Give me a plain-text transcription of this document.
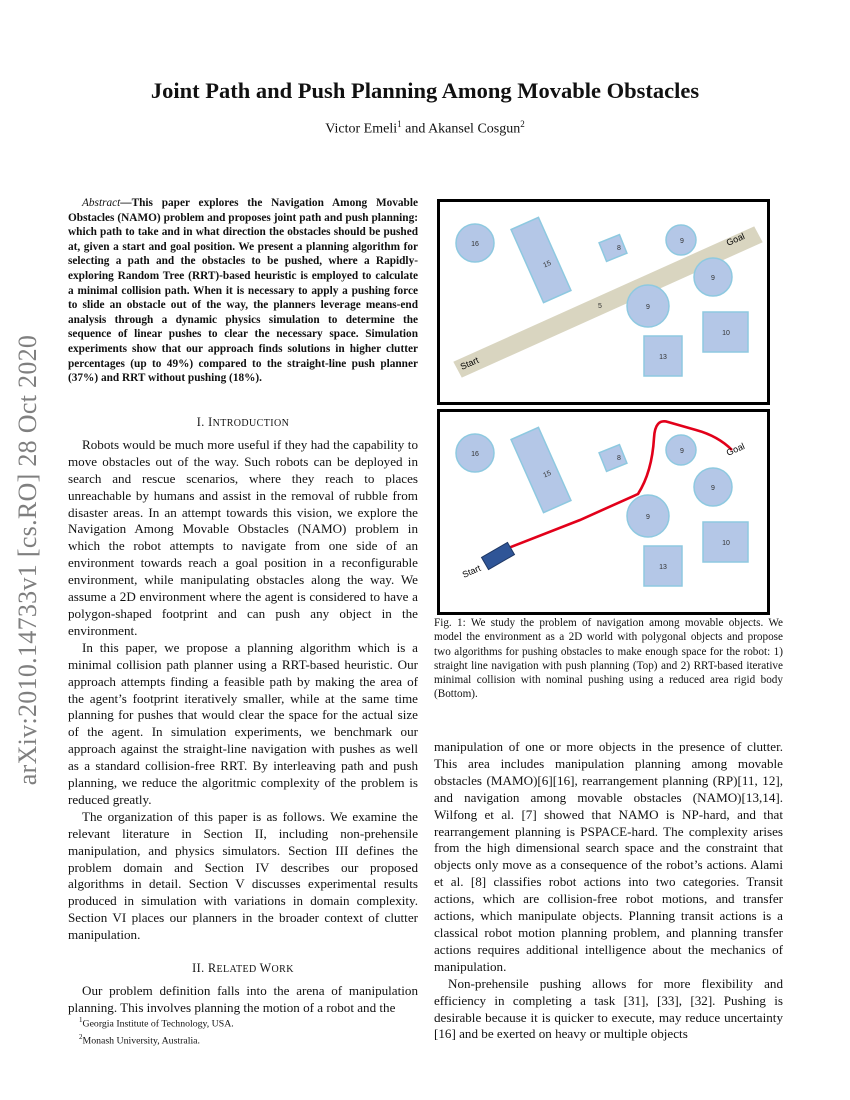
arXiv:2010.14733v1 [cs.RO] 28 Oct 2020
Joint Path and Push Planning Among Movable Obstacles
Victor Emeli$^1$ and Akansel Cosgun$^2$

Abstract—This paper explores the Navigation Among Movable Obstacles (NAMO) problem and proposes joint path and push planning: which path to take and in what direction the obstacles should be pushed at, given a start and goal position. We present a planning algorithm for selecting a path and the obstacles to be pushed, where a Rapidly-exploring Random Tree (RRT)-based heuristic is employed to calculate a minimal collision path. When it is necessary to apply a pushing force to slide an obstacle out of the way, the planners leverage means-end analysis through a dynamic physics simulation to determine the sequence of linear pushes to clear the necessary space. Simulation experiments show that our approach finds solutions in higher clutter percentages (up to 49%) compared to the straight-line push planner (37%) and RRT without pushing (18%).

I. INTRODUCTION

Robots would be much more useful if they had the capability to move obstacles out of the way. Such robots can be deployed in search and rescue scenarios, where they reach to places unreachable by humans and assist in the removal of rubble from disaster areas. In an attempt towards this vision, we explore the Navigation Among Movable Obstacles (NAMO) problem in which the robot attempts to navigate from one side of an environment towards reach a goal position in a reconfigurable environment, while manipulating obstacles along the way. We assume a 2D environment where the agent is considered to have a polygon-shaped footprint and can push any object in the environment.

In this paper, we propose a planning algorithm which is a minimal collision path planner using a RRT-based heuristic. Our approach attempts finding a feasible path by making the area of the agent’s footprint iteratively smaller, while at the same time planning for pushes that would clear the space for the actual size of the agent. In simulation experiments, we benchmark our approach against the straight-line navigation with pushes as well as a standard collision-free RRT. By interleaving path and push planning, we reduce the algoritmic complexity of the problem is reduced greatly.

The organization of this paper is as follows. We examine the relevant literature in Section II, including non-prehensile manipulation, and physics simulators. Section III defines the problem domain and Section IV describes our proposed algorithms in detail. Section V discusses experimental results produced in simulation with variations in domain complexity. Section VI places our planners in the broader context of clutter manipulation.

II. RELATED WORK

Our problem definition falls into the arena of manipulation planning. This involves planning the motion of a robot and the

$^1$Georgia Institute of Technology, USA.
$^2$Monash University, Australia.
Start
Goal
16
15
8
9
9
5	9
10
13
16
15
8
9
9
9
10
13
Start
Goal
Fig. 1: We study the problem of navigation among movable objects. We model the environment as a 2D world with polygonal objects and propose two algorithms for pushing obstacles to make enough space for the robot: 1) straight line navigation with push planning (Top) and 2) RRT-based iterative minimal collision with nominal pushing using a reduced area rigid body (Bottom).

manipulation of one or more objects in the presence of clutter. This area includes manipulation planning among movable obstacles (MAMO)[6][16], rearrangement planning (RP)[11, 12], and navigation among movable obstacles (NAMO)[13,14]. Wilfong et al. [7] showed that NAMO is NP-hard, and that rearrangement planning is PSPACE-hard. The complexity arises from the high dimensional search space and the constraint that objects only move as a consequence of the robot’s actions. Alami et al. [8] classifies robot actions into two categories. Transit actions, which are collision-free robot motions, and transfer actions, which manipulate objects. Planning transit actions is a classical robot motion planning problem, and planning transfer actions requires additional intelligence about the mechanics of manipulation.

Non-prehensile pushing allows for more flexibility and efficiency in completing a task [31], [33], [32]. Pushing is desirable because it is quicker to execute, may reduce uncertainty [16] and be exerted on heavy or multiple objects
